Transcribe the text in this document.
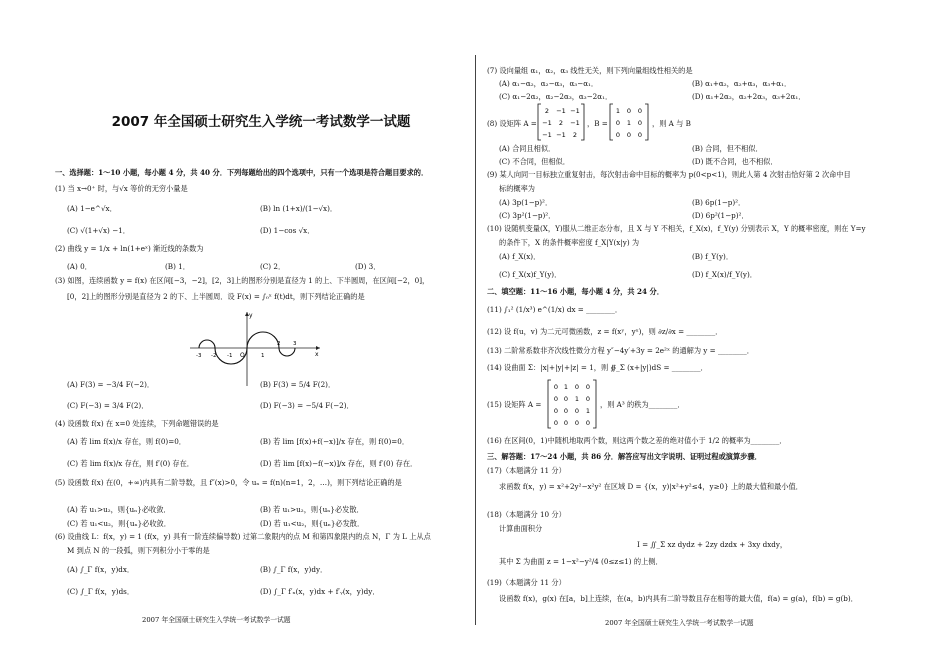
2007 年全国硕士研究生入学统一考试数学一试题
一、选择题：1～10 小题，每小题 4 分，共 40 分．下列每题给出的四个选项中，只有一个选项是符合题目要求的．
(1) 当 x→0⁺ 时，与√x 等价的无穷小量是
(A) 1−e^√x．	(B) ln (1+x)/(1−√x)．
(C) √(1+√x) −1．	(D) 1−cos √x．
(2) 曲线 y = 1/x + ln(1+eˣ) 渐近线的条数为
(A) 0．	(B) 1．	(C) 2．	(D) 3．
(3) 如图，连续函数 y = f(x) 在区间[−3，−2]，[2，3]上的图形分别是直径为 1 的上、下半圆周，在区间[−2，0]，
[0，2]上的图形分别是直径为 2 的下、上半圆周．设 F(x) = ∫₀ˣ f(t)dt，则下列结论正确的是
y
O	x
-3 -2 -1	1
2 3
(A) F(3) = −3/4 F(−2)．	(B) F(3) = 5/4 F(2)．
(C) F(−3) = 3/4 F(2)．	(D) F(−3) = −5/4 F(−2)．
(4) 设函数 f(x) 在 x=0 处连续，下列命题错误的是
(A) 若 lim f(x)/x 存在，则 f(0)=0．	(B) 若 lim [f(x)+f(−x)]/x 存在，则 f(0)=0．
(C) 若 lim f(x)/x 存在，则 f′(0) 存在．	(D) 若 lim [f(x)−f(−x)]/x 存在，则 f′(0) 存在．
(5) 设函数 f(x) 在(0，+∞)内具有二阶导数，且 f″(x)>0，令 uₙ = f(n)(n=1，2，…)，则下列结论正确的是
(A) 若 u₁>u₂，则{uₙ}必收敛．	(B) 若 u₁>u₂，则{uₙ}必发散．
(C) 若 u₁<u₂，则{uₙ}必收敛．	(D) 若 u₁<u₂，则{uₙ}必发散．
(6) 设曲线 L：f(x，y) = 1 (f(x，y) 具有一阶连续偏导数) 过第二象限内的点 M 和第四象限内的点 N，Γ 为 L 上从点
M 到点 N 的一段弧，则下列积分小于零的是
(A) ∫_Γ f(x，y)dx．	(B) ∫_Γ f(x，y)dy．
(C) ∫_Γ f(x，y)ds．	(D) ∫_Γ f′ₓ(x，y)dx + f′ᵧ(x，y)dy．
2007 年全国硕士研究生入学统一考试数学一试题
(7) 设向量组 α₁，α₂，α₃ 线性无关，则下列向量组线性相关的是
(A) α₁−α₂，α₂−α₃，α₃−α₁．	(B) α₁+α₂，α₂+α₃，α₃+α₁．
(C) α₁−2α₂，α₂−2α₃，α₃−2α₁．	(D) α₁+2α₂，α₂+2α₃，α₃+2α₁．
(8) 设矩阵 A =
2 −1 −1
−1 2 −1
−1 −1 2
，B =
1 0 0
0 1 0
0 0 0
，则 A 与 B
(A) 合同且相似．	(B) 合同，但不相似．
(C) 不合同，但相似．	(D) 既不合同，也不相似．
(9) 某人向同一目标独立重复射击，每次射击命中目标的概率为 p(0<p<1)，则此人第 4 次射击恰好第 2 次命中目
标的概率为
(A) 3p(1−p)²．	(B) 6p(1−p)²．
(C) 3p²(1−p)²．	(D) 6p²(1−p)²．
(10) 设随机变量(X，Y)服从二维正态分布，且 X 与 Y 不相关，f_X(x)，f_Y(y) 分别表示 X，Y 的概率密度，则在 Y=y
的条件下，X 的条件概率密度 f_X|Y(x|y) 为
(A) f_X(x)．	(B) f_Y(y)．
(C) f_X(x)f_Y(y)．	(D) f_X(x)/f_Y(y)．
二、填空题：11～16 小题，每小题 4 分，共 24 分．
(11) ∫₁² (1/x³) e^(1/x) dx = ________．
(12) 设 f(u，v) 为二元可微函数，z = f(xʸ，yˣ)，则 ∂z/∂x = ________．
(13) 二阶常系数非齐次线性微分方程 y″−4y′+3y = 2e²ˣ 的通解为 y = ________．
(14) 设曲面 Σ：|x|+|y|+|z| = 1，则 ∯_Σ (x+|y|)dS = ________．
(15) 设矩阵 A =
0 1 0 0
0 0 1 0
0 0 0 1
0 0 0 0
，则 A³ 的秩为________．
(16) 在区间(0，1)中随机地取两个数，则这两个数之差的绝对值小于 1/2 的概率为________．
三、解答题：17～24 小题，共 86 分．解答应写出文字说明、证明过程或演算步骤．
(17)（本题满分 11 分）
求函数 f(x，y) = x²+2y²−x²y² 在区域 D = {(x，y)|x²+y²≤4，y≥0} 上的最大值和最小值．
(18)（本题满分 10 分）
计算曲面积分
I = ∬_Σ xz dydz + 2zy dzdx + 3xy dxdy，
其中 Σ 为曲面 z = 1−x²−y²/4 (0≤z≤1) 的上侧．
(19)（本题满分 11 分）
设函数 f(x)，g(x) 在[a，b]上连续，在(a，b)内具有二阶导数且存在相等的最大值，f(a) = g(a)，f(b) = g(b)．
2007 年全国硕士研究生入学统一考试数学一试题
